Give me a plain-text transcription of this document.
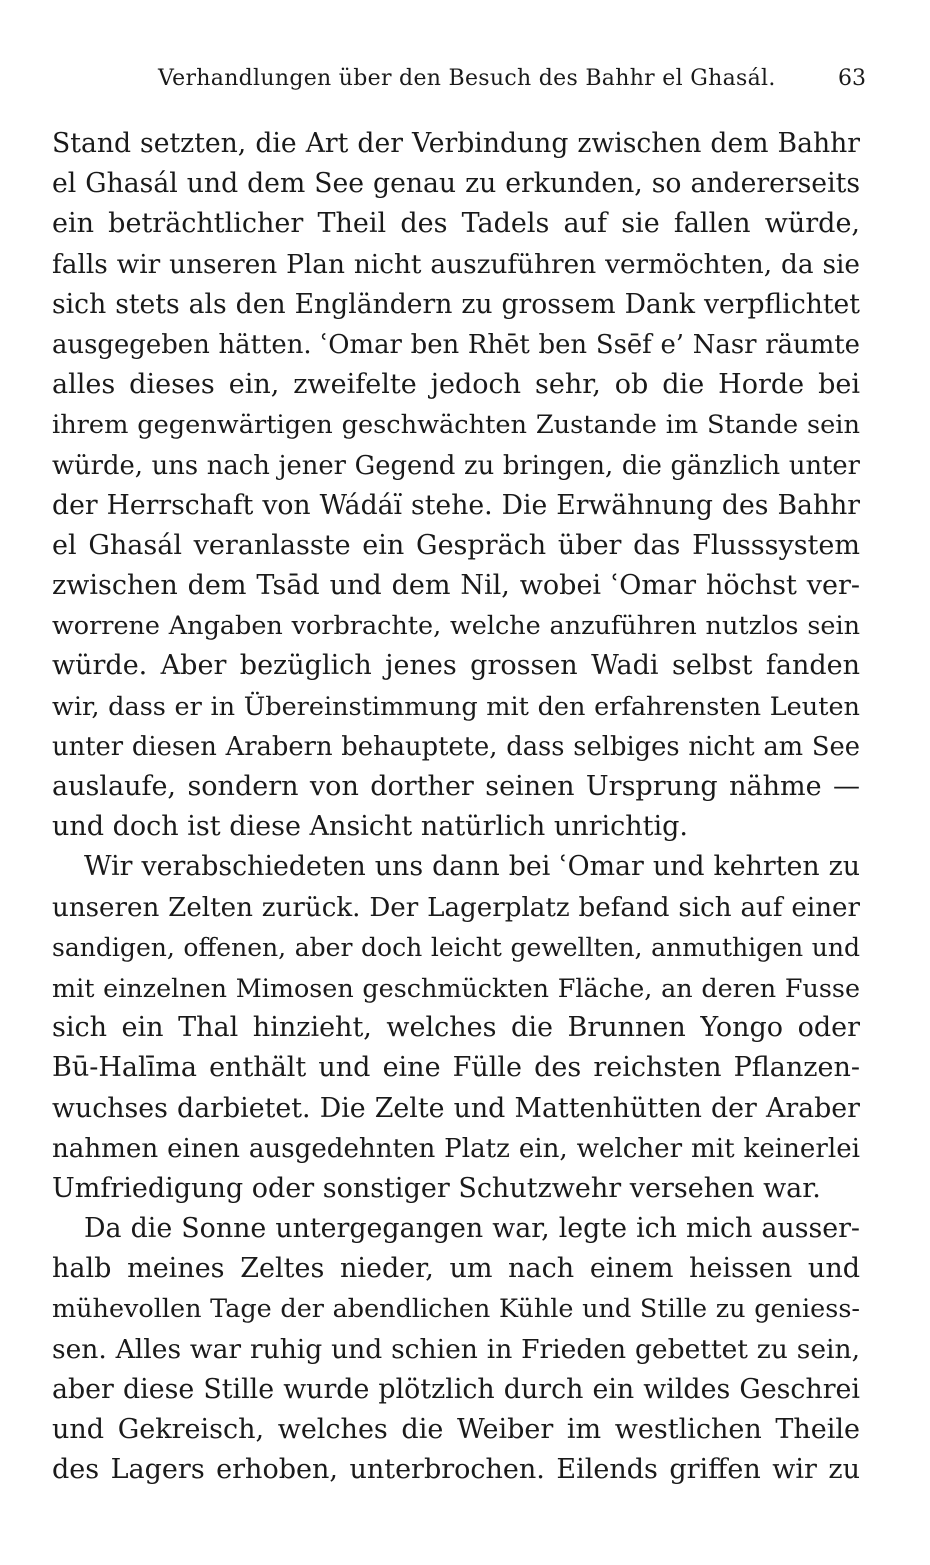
Verhandlungen über den Besuch des Bahhr el Ghasál.	63
Stand setzten, die Art der Verbindung zwischen dem Bahhr
el Ghasál und dem See genau zu erkunden, so andererseits
ein beträchtlicher Theil des Tadels auf sie fallen würde,
falls wir unseren Plan nicht auszuführen vermöchten, da sie
sich stets als den Engländern zu grossem Dank verpflichtet
ausgegeben hätten. ʿOmar ben Rhēt ben Ssēf e’ Nasr räumte
alles dieses ein, zweifelte jedoch sehr, ob die Horde bei
ihrem gegenwärtigen geschwächten Zustande im Stande sein
würde, uns nach jener Gegend zu bringen, die gänzlich unter
der Herrschaft von Wádáï stehe. Die Erwähnung des Bahhr
el Ghasál veranlasste ein Gespräch über das Flusssystem
zwischen dem Tsād und dem Nil, wobei ʿOmar höchst ver-
worrene Angaben vorbrachte, welche anzuführen nutzlos sein
würde. Aber bezüglich jenes grossen Wadi selbst fanden
wir, dass er in Übereinstimmung mit den erfahrensten Leuten
unter diesen Arabern behauptete, dass selbiges nicht am See
auslaufe, sondern von dorther seinen Ursprung nähme —
und doch ist diese Ansicht natürlich unrichtig.
Wir verabschiedeten uns dann bei ʿOmar und kehrten zu
unseren Zelten zurück. Der Lagerplatz befand sich auf einer
sandigen, offenen, aber doch leicht gewellten, anmuthigen und
mit einzelnen Mimosen geschmückten Fläche, an deren Fusse
sich ein Thal hinzieht, welches die Brunnen Yongo oder
Bū-Halīma enthält und eine Fülle des reichsten Pflanzen-
wuchses darbietet. Die Zelte und Mattenhütten der Araber
nahmen einen ausgedehnten Platz ein, welcher mit keinerlei
Umfriedigung oder sonstiger Schutzwehr versehen war.
Da die Sonne untergegangen war, legte ich mich ausser-
halb meines Zeltes nieder, um nach einem heissen und
mühevollen Tage der abendlichen Kühle und Stille zu geniess-
sen. Alles war ruhig und schien in Frieden gebettet zu sein,
aber diese Stille wurde plötzlich durch ein wildes Geschrei
und Gekreisch, welches die Weiber im westlichen Theile
des Lagers erhoben, unterbrochen. Eilends griffen wir zu
